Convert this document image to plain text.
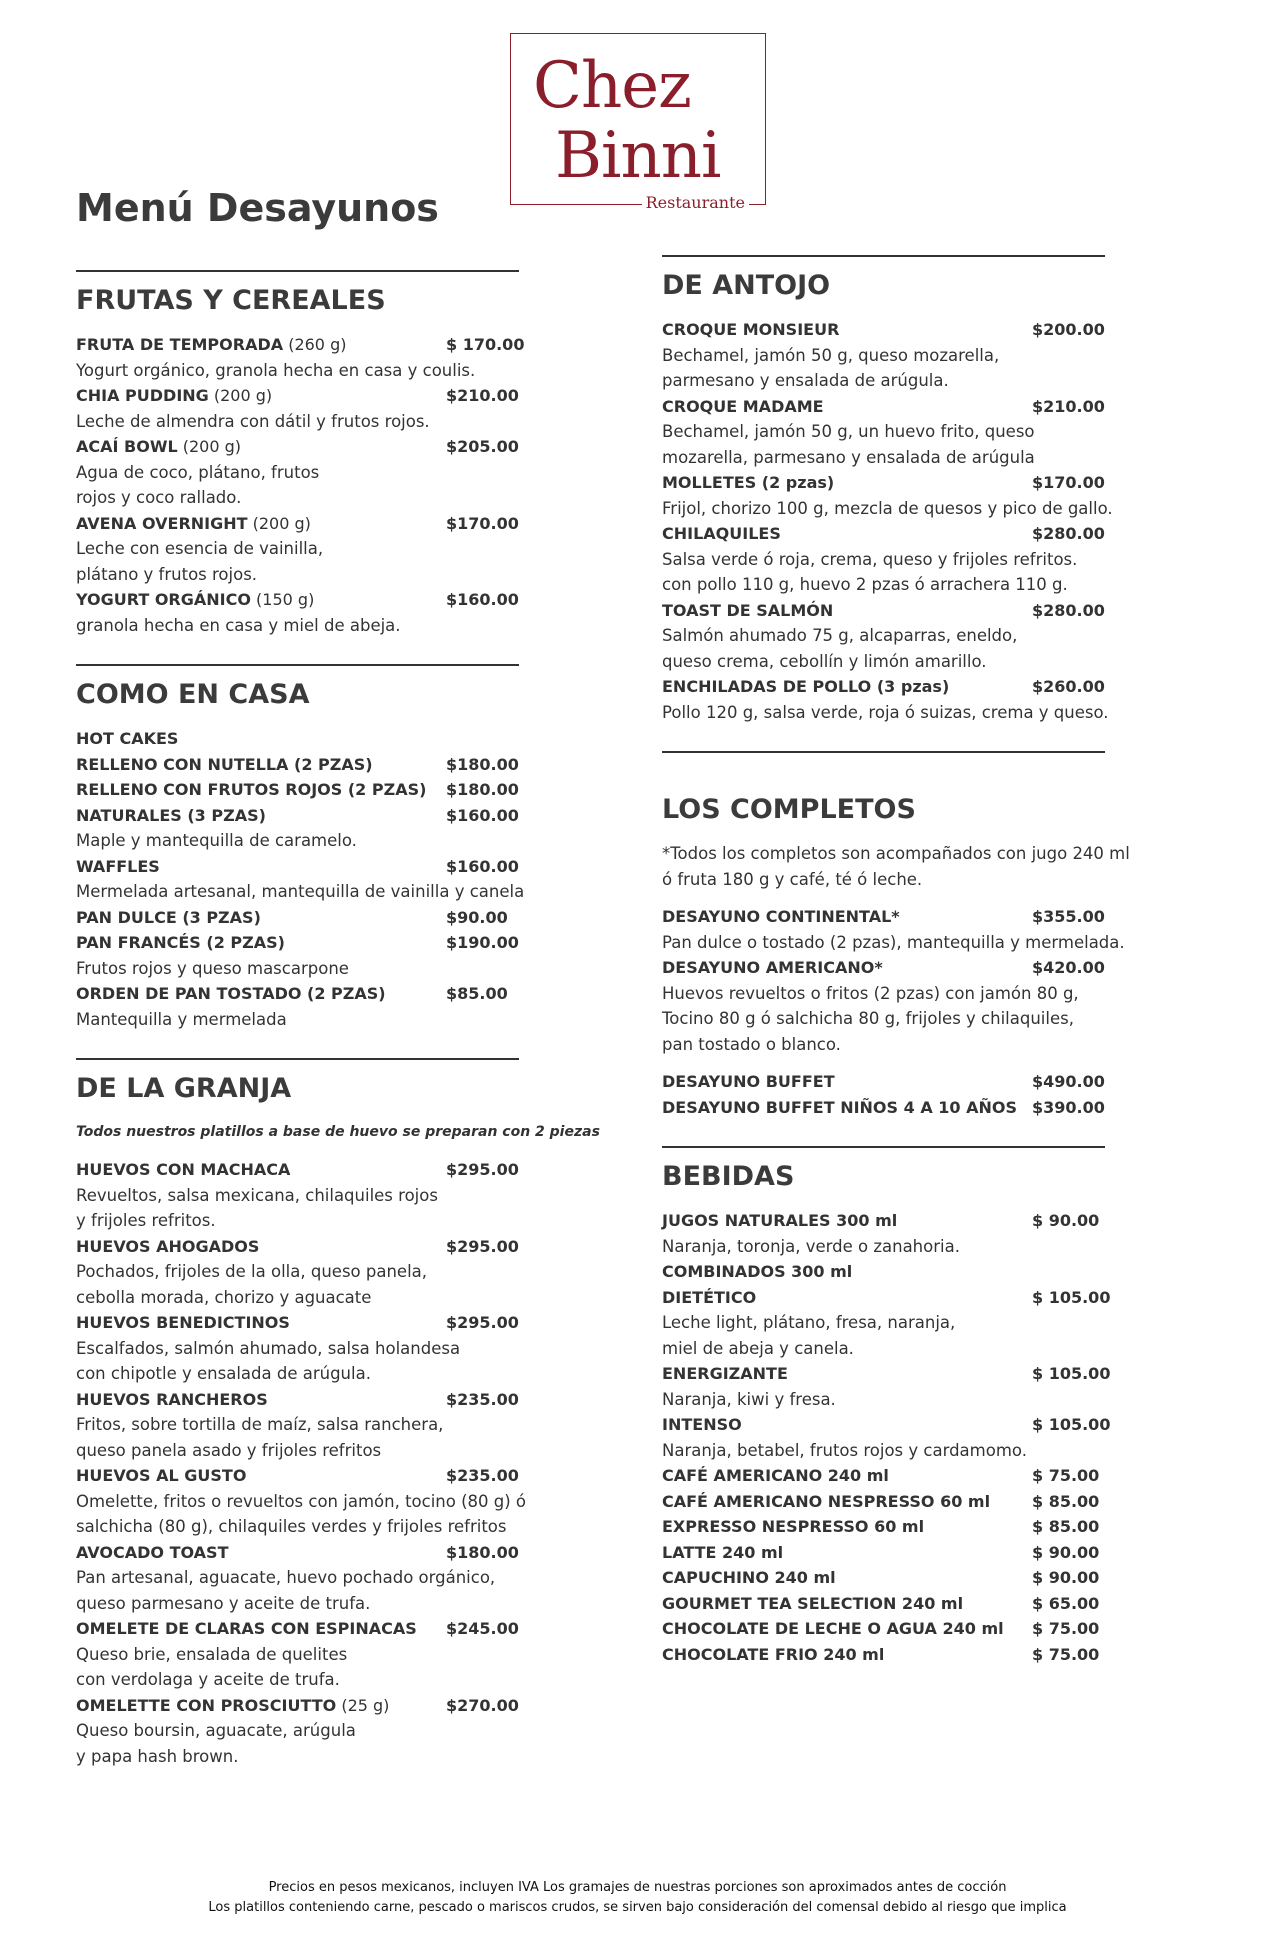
Chez
Binni
Restaurante
Menú Desayunos
FRUTAS Y CEREALES
FRUTA DE TEMPORADA (260 g)	$ 170.00
Yogurt orgánico, granola hecha en casa y coulis.
CHIA PUDDING (200 g)	$210.00
Leche de almendra con dátil y frutos rojos.
ACAÍ BOWL (200 g)	$205.00
Agua de coco, plátano, frutos
rojos y coco rallado.
AVENA OVERNIGHT (200 g)	$170.00
Leche con esencia de vainilla,
plátano y frutos rojos.
YOGURT ORGÁNICO (150 g)	$160.00
granola hecha en casa y miel de abeja.
COMO EN CASA
HOT CAKES
RELLENO CON NUTELLA (2 PZAS)	$180.00
RELLENO CON FRUTOS ROJOS (2 PZAS)	$180.00
NATURALES (3 PZAS)	$160.00
Maple y mantequilla de caramelo.
WAFFLES	$160.00
Mermelada artesanal, mantequilla de vainilla y canela
PAN DULCE (3 PZAS)	$90.00
PAN FRANCÉS (2 PZAS)	$190.00
Frutos rojos y queso mascarpone
ORDEN DE PAN TOSTADO (2 PZAS)	$85.00
Mantequilla y mermelada
DE LA GRANJA
Todos nuestros platillos a base de huevo se preparan con 2 piezas
HUEVOS CON MACHACA	$295.00
Revueltos, salsa mexicana, chilaquiles rojos
y frijoles refritos.
HUEVOS AHOGADOS	$295.00
Pochados, frijoles de la olla, queso panela,
cebolla morada, chorizo y aguacate
HUEVOS BENEDICTINOS	$295.00
Escalfados, salmón ahumado, salsa holandesa
con chipotle y ensalada de arúgula.
HUEVOS RANCHEROS	$235.00
Fritos, sobre tortilla de maíz, salsa ranchera,
queso panela asado y frijoles refritos
HUEVOS AL GUSTO	$235.00
Omelette, fritos o revueltos con jamón, tocino (80 g) ó
salchicha (80 g), chilaquiles verdes y frijoles refritos
AVOCADO TOAST	$180.00
Pan artesanal, aguacate, huevo pochado orgánico,
queso parmesano y aceite de trufa.
OMELETE DE CLARAS CON ESPINACAS	$245.00
Queso brie, ensalada de quelites
con verdolaga y aceite de trufa.
OMELETTE CON PROSCIUTTO (25 g)	$270.00
Queso boursin, aguacate, arúgula
y papa hash brown.
DE ANTOJO
CROQUE MONSIEUR	$200.00
Bechamel, jamón 50 g, queso mozarella,
parmesano y ensalada de arúgula.
CROQUE MADAME	$210.00
Bechamel, jamón 50 g, un huevo frito, queso
mozarella, parmesano y ensalada de arúgula
MOLLETES (2 pzas)	$170.00
Frijol, chorizo 100 g, mezcla de quesos y pico de gallo.
CHILAQUILES	$280.00
Salsa verde ó roja, crema, queso y frijoles refritos.
con pollo 110 g, huevo 2 pzas ó arrachera 110 g.
TOAST DE SALMÓN	$280.00
Salmón ahumado 75 g, alcaparras, eneldo,
queso crema, cebollín y limón amarillo.
ENCHILADAS DE POLLO (3 pzas)	$260.00
Pollo 120 g, salsa verde, roja ó suizas, crema y queso.
LOS COMPLETOS
*Todos los completos son acompañados con jugo 240 ml
ó fruta 180 g y café, té ó leche.
DESAYUNO CONTINENTAL*	$355.00
Pan dulce o tostado (2 pzas), mantequilla y mermelada.
DESAYUNO AMERICANO*	$420.00
Huevos revueltos o fritos (2 pzas) con jamón 80 g,
Tocino 80 g ó salchicha 80 g, frijoles y chilaquiles,
pan tostado o blanco.
DESAYUNO BUFFET	$490.00
DESAYUNO BUFFET NIÑOS 4 A 10 AÑOS $390.00
BEBIDAS
JUGOS NATURALES 300 ml	$ 90.00
Naranja, toronja, verde o zanahoria.
COMBINADOS 300 ml
DIETÉTICO	$ 105.00
Leche light, plátano, fresa, naranja,
miel de abeja y canela.
ENERGIZANTE	$ 105.00
Naranja, kiwi y fresa.
INTENSO	$ 105.00
Naranja, betabel, frutos rojos y cardamomo.
CAFÉ AMERICANO 240 ml	$ 75.00
CAFÉ AMERICANO NESPRESSO 60 ml	$ 85.00
EXPRESSO NESPRESSO 60 ml	$ 85.00
LATTE 240 ml	$ 90.00
CAPUCHINO 240 ml	$ 90.00
GOURMET TEA SELECTION 240 ml	$ 65.00
CHOCOLATE DE LECHE O AGUA 240 ml	$ 75.00
CHOCOLATE FRIO 240 ml	$ 75.00
Precios en pesos mexicanos, incluyen IVA Los gramajes de nuestras porciones son aproximados antes de cocción
Los platillos conteniendo carne, pescado o mariscos crudos, se sirven bajo consideración del comensal debido al riesgo que implica
